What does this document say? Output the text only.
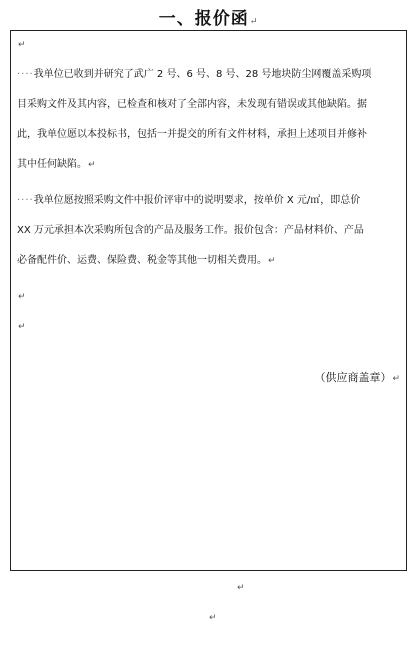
一、报价函↵
↵
····我单位已收到并研究了武广 2 号、6 号、8 号、28 号地块防尘网覆盖采购项
目采购文件及其内容，已检查和核对了全部内容，未发现有错误或其他缺陷。据
此，我单位愿以本投标书，包括一并提交的所有文件材料，承担上述项目并修补
其中任何缺陷。↵
····我单位愿按照采购文件中报价评审中的说明要求，按单价 X 元/㎡，即总价
XX 万元承担本次采购所包含的产品及服务工作。报价包含：产品材料价、产品
必备配件价、运费、保险费、税金等其他一切相关费用。↵
↵
↵
（供应商盖章）↵
↵
↵
